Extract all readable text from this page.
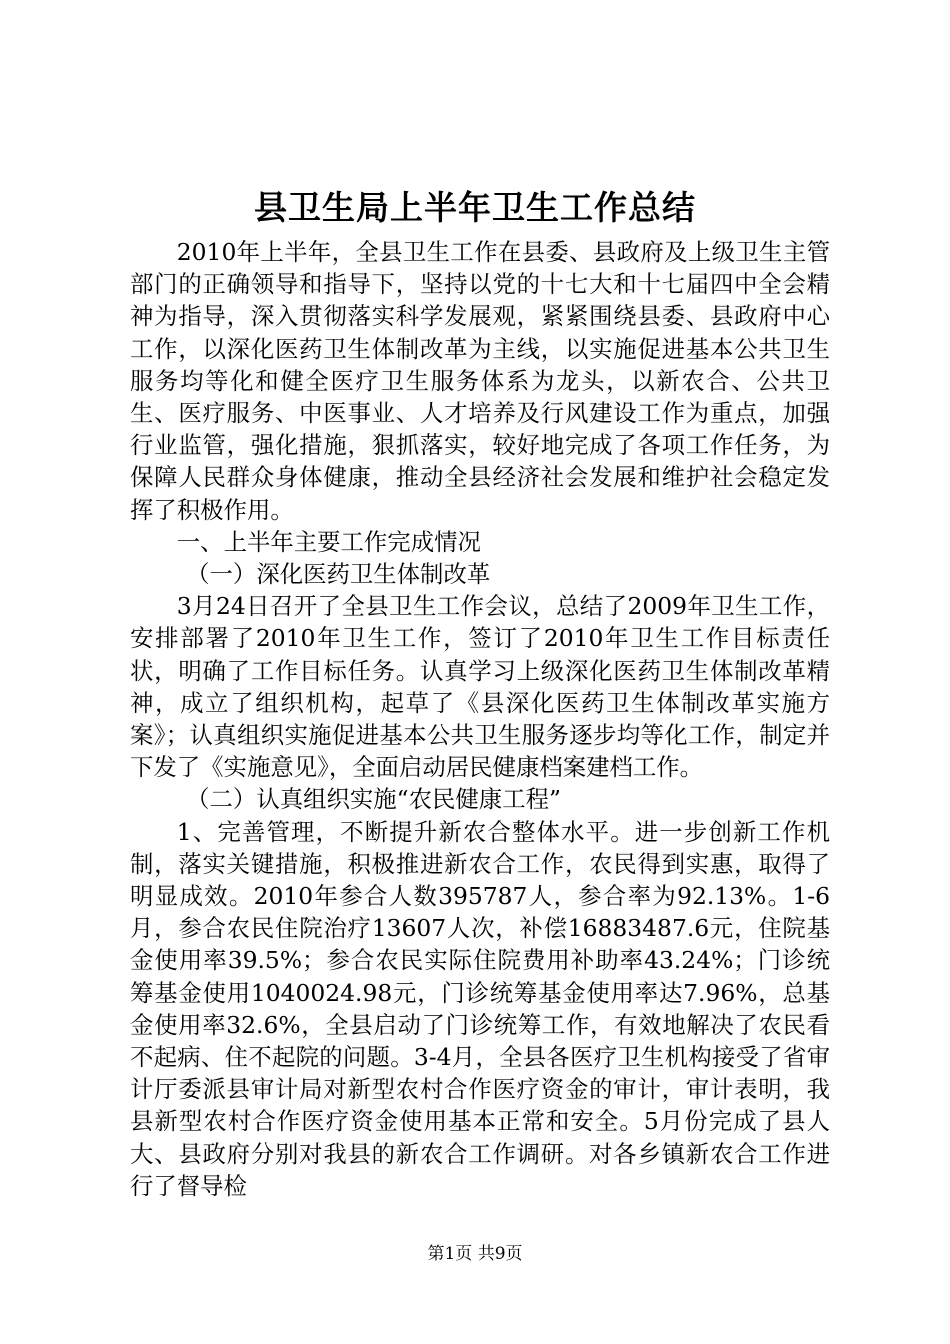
县卫生局上半年卫生工作总结

2010年上半年，全县卫生工作在县委、县政府及上级卫生主管部门的正确领导和指导下，坚持以党的十七大和十七届四中全会精神为指导，深入贯彻落实科学发展观，紧紧围绕县委、县政府中心工作，以深化医药卫生体制改革为主线，以实施促进基本公共卫生服务均等化和健全医疗卫生服务体系为龙头，以新农合、公共卫生、医疗服务、中医事业、人才培养及行风建设工作为重点，加强行业监管，强化措施，狠抓落实，较好地完成了各项工作任务，为保障人民群众身体健康，推动全县经济社会发展和维护社会稳定发挥了积极作用。

一、上半年主要工作完成情况

（一）深化医药卫生体制改革

3月24日召开了全县卫生工作会议，总结了2009年卫生工作，安排部署了2010年卫生工作，签订了2010年卫生工作目标责任状，明确了工作目标任务。认真学习上级深化医药卫生体制改革精神，成立了组织机构，起草了《县深化医药卫生体制改革实施方案》；认真组织实施促进基本公共卫生服务逐步均等化工作，制定并下发了《实施意见》，全面启动居民健康档案建档工作。

（二）认真组织实施“农民健康工程”

1、完善管理，不断提升新农合整体水平。进一步创新工作机制，落实关键措施，积极推进新农合工作，农民得到实惠，取得了明显成效。2010年参合人数395787人，参合率为92.13%。1-6月，参合农民住院治疗13607人次，补偿16883487.6元，住院基金使用率39.5%；参合农民实际住院费用补助率43.24%；门诊统筹基金使用1040024.98元，门诊统筹基金使用率达7.96%，总基金使用率32.6%，全县启动了门诊统筹工作，有效地解决了农民看不起病、住不起院的问题。3-4月，全县各医疗卫生机构接受了省审计厅委派县审计局对新型农村合作医疗资金的审计，审计表明，我县新型农村合作医疗资金使用基本正常和安全。5月份完成了县人大、县政府分别对我县的新农合工作调研。对各乡镇新农合工作进行了督导检

第1页 共9页
